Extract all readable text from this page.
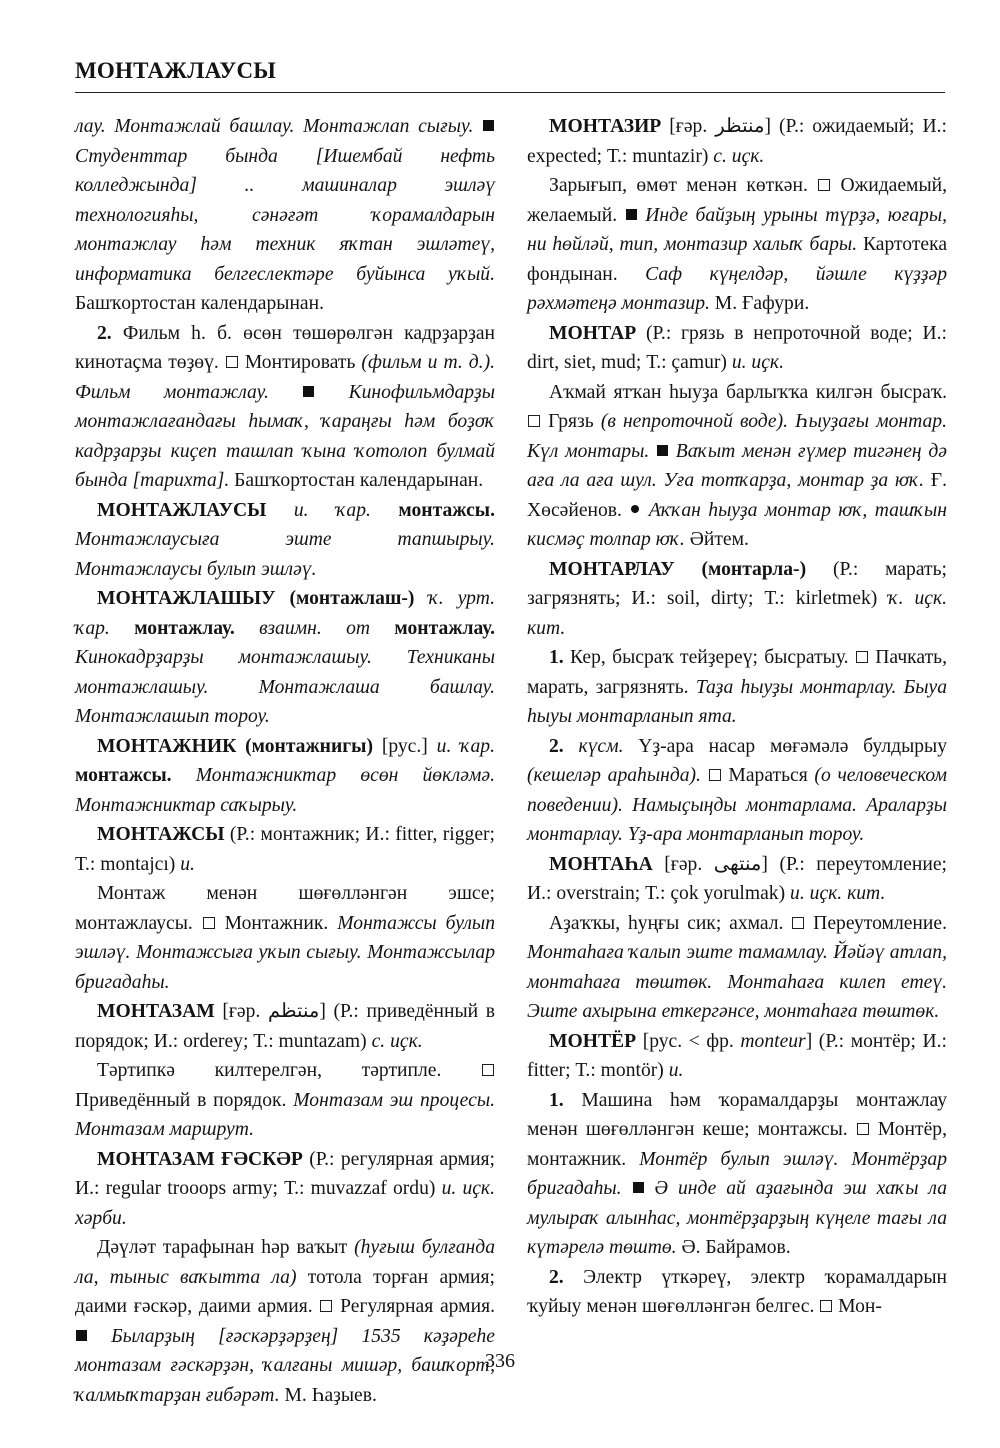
МОНТАЖЛАУСЫ

лау. Монтажлай башлау. Монтажлап сығыу.  Студенттар бында [Ишембай нефть колледжында] .. машиналар эшләү технологияһы, сәнәғәт ҡорамалдарын монтажлау һәм техник яҡтан эшләтеү, информатика белгеслектәре буйынса уҡый. Башҡортостан календарынан.

2. Фильм h. б. өсөн төшөрөлгән кадрҙарҙан кинотаҫма төҙөү.  Монтировать (фильм и т. д.). Фильм монтажлау.  Кинофильмдарҙы монтажлағандағы һымаҡ, ҡараңғы һәм боҙоҡ кадрҙарҙы киҫеп ташлап ҡына ҡотолоп булмай бында [тарихта]. Башҡортостан календарынан.

МОНТАЖЛАУСЫ и. ҡар. монтажсы. Монтажлаусыға эште тапшырыу. Монтажлаусы булып эшләү.

МОНТАЖЛАШЫУ (монтажлаш-) ҡ. урт. ҡар. монтажлау. взаимн. от монтажлау. Кинокадрҙарҙы монтажлашыу. Техниканы монтажлашыу. Монтажлаша башлау. Монтажлашып тороу.

МОНТАЖНИК (монтажнигы) [рус.] и. ҡар. монтажсы. Монтажниктар өсөн йөкләмә. Монтажниктар саҡырыу.

МОНТАЖСЫ (Р.: монтажник; И.: fitter, rigger; Т.: montajcı) и.

Монтаж менән шөғөлләнгән эшсе; монтажлаусы.  Монтажник. Монтажсы булып эшләү. Монтажсыға уҡып сығыу. Монтажсылар бригадаһы.

МОНТАЗАМ [ғәр. منتظم] (Р.: приведённый в порядок; И.: orderey; Т.: muntazam) с. иҫк.

Тәртипкә килтерелгән, тәртипле.  Приведённый в порядок. Монтазам эш процесы. Монтазам маршрут.

МОНТАЗАМ ҒӘСКӘР (Р.: регулярная армия; И.: regular trooops army; Т.: muvazzaf ordu) и. иҫк. хәрби.

Дәүләт тарафынан һәр ваҡыт (һуғыш булғанда ла, тыныс ваҡытта ла) тотола торған армия; даими ғәскәр, даими армия.  Регулярная армия.  Быларҙың [ғәскәрҙәрҙең] 1535 кәҙәреһе монтазам ғәскәрҙән, ҡалғаны мишәр, башҡорт, ҡалмыҡтарҙан ғибәрәт. М. Һаҙыев.

МОНТАЗИР [ғәр. منتظر] (Р.: ожидаемый; И.: expected; Т.: muntazir) с. иҫк.

Зарығып, өмөт менән көткән.  Ожидаемый, желаемый.  Инде байҙың урыны түрҙә, юғары, ни һөйләй, тип, монтазир халыҡ бары. Картотека фондынан. Саф күңелдәр, йәшле күҙҙәр рәхмәтеңә монтазир. М. Ғафури.

МОНТАР (Р.: грязь в непроточной воде; И.: dirt, siet, mud; Т.: çamur) и. иҫк.

Аҡмай ятҡан һыуҙа барлыҡҡа килгән бысраҡ.  Грязь (в непроточной воде). Һыуҙағы монтар. Күл монтары.  Ваҡыт менән ғүмер тигәнең дә аға ла аға шул. Уға тотҡарҙа, монтар ҙа юҡ. Ғ. Хөсәйенов.  Аҡҡан һыуҙа монтар юҡ, ташҡын кисмәҫ толпар юҡ. Әйтем.

МОНТАРЛАУ (монтарла-) (Р.: марать; загрязнять; И.: soil, dirty; Т.: kirletmek) ҡ. иҫк. кит.

1. Кер, бысраҡ тейҙереү; бысратыу.  Пачкать, марать, загрязнять. Таҙа һыуҙы монтарлау. Быуа һыуы монтарланып ята.

2. күсм. Үҙ-ара насар мөғәмәлә булдырыу (кешеләр араһында).  Мараться (о человеческом поведении). Намыҫыңды монтарлама. Араларҙы монтарлау. Үҙ-ара монтарланып тороу.

МОНТАҺА [ғәр. منتهى] (Р.: переутомление; И.: overstrain; Т.: çok yorulmak) и. иҫк. кит.

Аҙаҡҡы, һуңғы сик; ахмал.  Переутомление. Монтаһаға ҡалып эште тамамлау. Йәйәү атлап, монтаһаға төштөк. Монтаһаға килеп етеү. Эште ахырына еткергәнсе, монтаһаға төштөк.

МОНТЁР [рус. < фр. monteur] (Р.: монтёр; И.: fitter; Т.: montör) и.

1. Машина һәм ҡорамалдарҙы монтажлау менән шөғөлләнгән кеше; монтажсы.  Монтёр, монтажник. Монтёр булып эшләү. Монтёрҙар бригадаһы.  Ә инде ай аҙағында эш хаҡы ла мулыраҡ алынһас, монтёрҙарҙың күңеле тағы ла күтәрелә төштө. Ә. Байрамов.

2. Электр үткәреү, электр ҡорамалдарын ҡуйыу менән шөғөлләнгән белгес.  Мон-

336
